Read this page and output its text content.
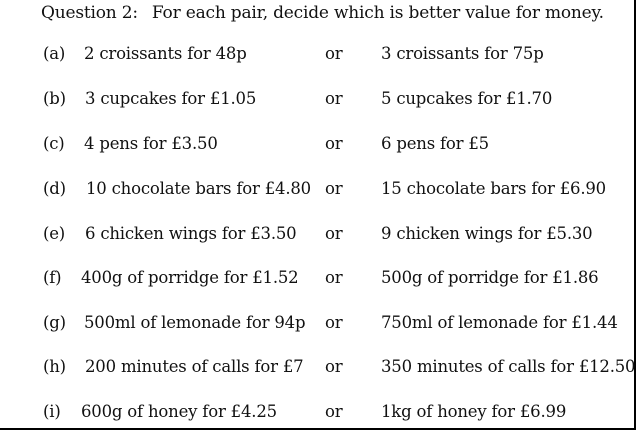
Question 2: For each pair, decide which is better value for money.
(a) 2 croissants for 48p	or 3 croissants for 75p
(b) 3 cupcakes for £1.05	or 5 cupcakes for £1.70
(c) 4 pens for £3.50	or 6 pens for £5
(d) 10 chocolate bars for £4.80 or 15 chocolate bars for £6.90
(e) 6 chicken wings for £3.50 or 9 chicken wings for £5.30
(f) 400g of porridge for £1.52 or 500g of porridge for £1.86
(g) 500ml of lemonade for 94p or 750ml of lemonade for £1.44
(h) 200 minutes of calls for £7 or 350 minutes of calls for £12.50
(i) 600g of honey for £4.25	or 1kg of honey for £6.99
